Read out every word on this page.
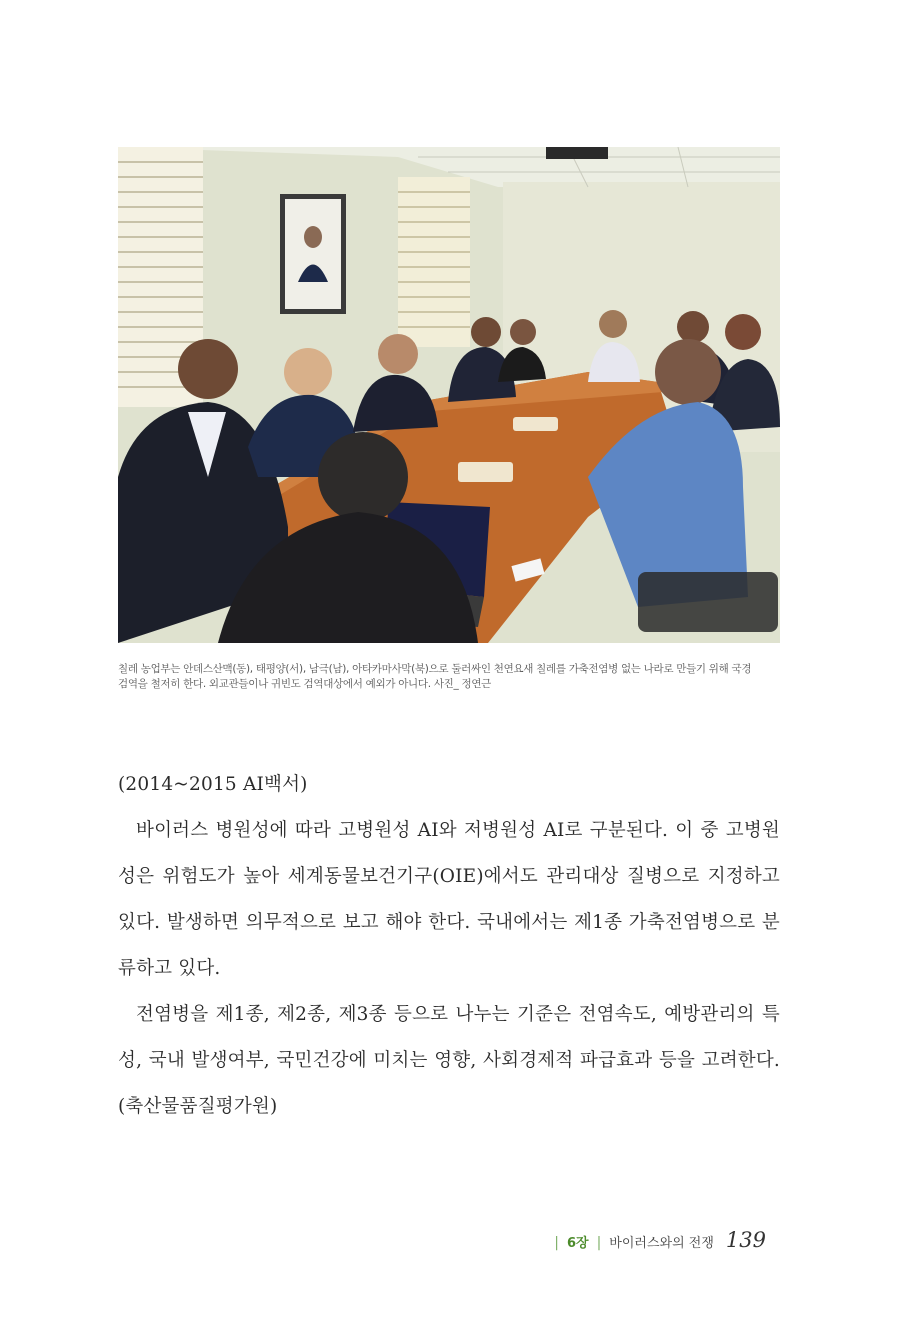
칠레 농업부는 안데스산맥(동), 태평양(서), 남극(남), 아타카마사막(북)으로 둘러싸인 천연요새 칠레를 가축전염병 없는 나라로 만들기 위해 국경
검역을 철저히 한다. 외교관들이나 귀빈도 검역대상에서 예외가 아니다. 사진_ 정연근

(2014~2015 AI백서)

바이러스 병원성에 따라 고병원성 AI와 저병원성 AI로 구분된다. 이 중 고병원성은 위험도가 높아 세계동물보건기구(OIE)에서도 관리대상 질병으로 지정하고 있다. 발생하면 의무적으로 보고 해야 한다. 국내에서는 제1종 가축전염병으로 분류하고 있다.

전염병을 제1종, 제2종, 제3종 등으로 나누는 기준은 전염속도, 예방관리의 특성, 국내 발생여부, 국민건강에 미치는 영향, 사회경제적 파급효과 등을 고려한다. (축산물품질평가원)

| 6장 | 바이러스와의 전쟁 139
